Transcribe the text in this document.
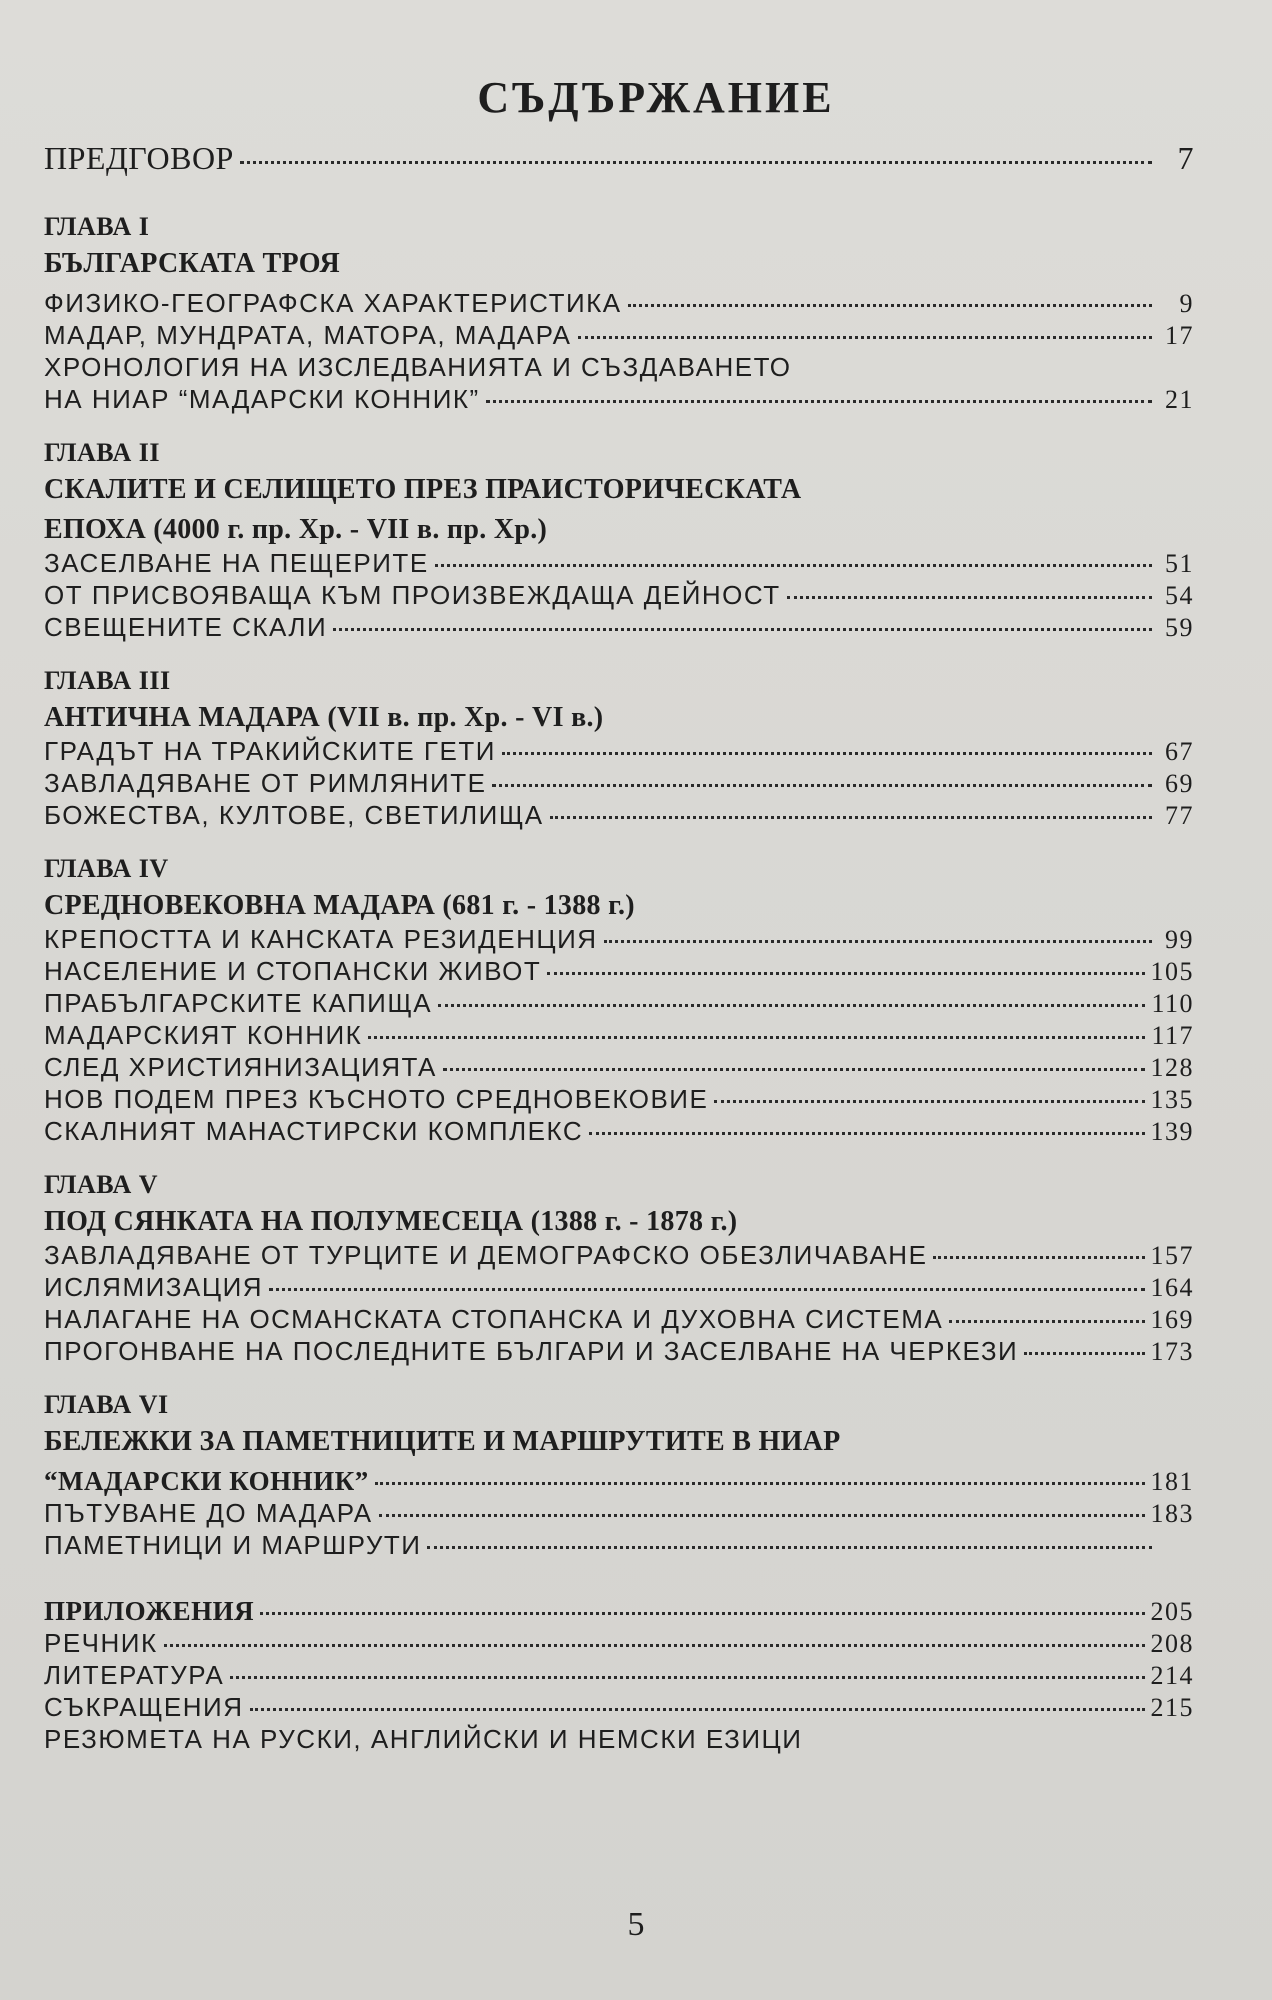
СЪДЪРЖАНИЕ
ПРЕДГОВОР	7
ГЛАВА I
БЪЛГАРСКАТА ТРОЯ
ФИЗИКО-ГЕОГРАФСКА ХАРАКТЕРИСТИКА	9
МАДАР, МУНДРАТА, МАТОРА, МАДАРА	17
ХРОНОЛОГИЯ НА ИЗСЛЕДВАНИЯТА И СЪЗДАВАНЕТО
НА НИАР “МАДАРСКИ КОННИК”	21
ГЛАВА II
СКАЛИТЕ И СЕЛИЩЕТО ПРЕЗ ПРАИСТОРИЧЕСКАТА
ЕПОХА (4000 г. пр. Хр. - VII в. пр. Хр.)
ЗАСЕЛВАНЕ НА ПЕЩЕРИТЕ	51
ОТ ПРИСВОЯВАЩА КЪМ ПРОИЗВЕЖДАЩА ДЕЙНОСТ	54
СВЕЩЕНИТЕ СКАЛИ	59
ГЛАВА III
АНТИЧНА МАДАРА (VII в. пр. Хр. - VI в.)
ГРАДЪТ НА ТРАКИЙСКИТЕ ГЕТИ	67
ЗАВЛАДЯВАНЕ ОТ РИМЛЯНИТЕ	69
БОЖЕСТВА, КУЛТОВЕ, СВЕТИЛИЩА	77
ГЛАВА IV
СРЕДНОВЕКОВНА МАДАРА (681 г. - 1388 г.)
КРЕПОСТТА И КАНСКАТА РЕЗИДЕНЦИЯ	99
НАСЕЛЕНИЕ И СТОПАНСКИ ЖИВОТ	105
ПРАБЪЛГАРСКИТЕ КАПИЩА	110
МАДАРСКИЯТ КОННИК	117
СЛЕД ХРИСТИЯНИЗАЦИЯТА	128
НОВ ПОДЕМ ПРЕЗ КЪСНОТО СРЕДНОВЕКОВИЕ	135
СКАЛНИЯТ МАНАСТИРСКИ КОМПЛЕКС	139
ГЛАВА V
ПОД СЯНКАТА НА ПОЛУМЕСЕЦА (1388 г. - 1878 г.)
ЗАВЛАДЯВАНЕ ОТ ТУРЦИТЕ И ДЕМОГРАФСКО ОБЕЗЛИЧАВАНЕ	157
ИСЛЯМИЗАЦИЯ	164
НАЛАГАНЕ НА ОСМАНСКАТА СТОПАНСКА И ДУХОВНА СИСТЕМА	169
ПРОГОНВАНЕ НА ПОСЛЕДНИТЕ БЪЛГАРИ И ЗАСЕЛВАНЕ НА ЧЕРКЕЗИ	173
ГЛАВА VI
БЕЛЕЖКИ ЗА ПАМЕТНИЦИТЕ И МАРШРУТИТЕ В НИАР
“МАДАРСКИ КОННИК”	181
ПЪТУВАНЕ ДО МАДАРА	183
ПАМЕТНИЦИ И МАРШРУТИ
ПРИЛОЖЕНИЯ	205
РЕЧНИК	208
ЛИТЕРАТУРА	214
СЪКРАЩЕНИЯ	215
РЕЗЮМЕТА НА РУСКИ, АНГЛИЙСКИ И НЕМСКИ ЕЗИЦИ
5
